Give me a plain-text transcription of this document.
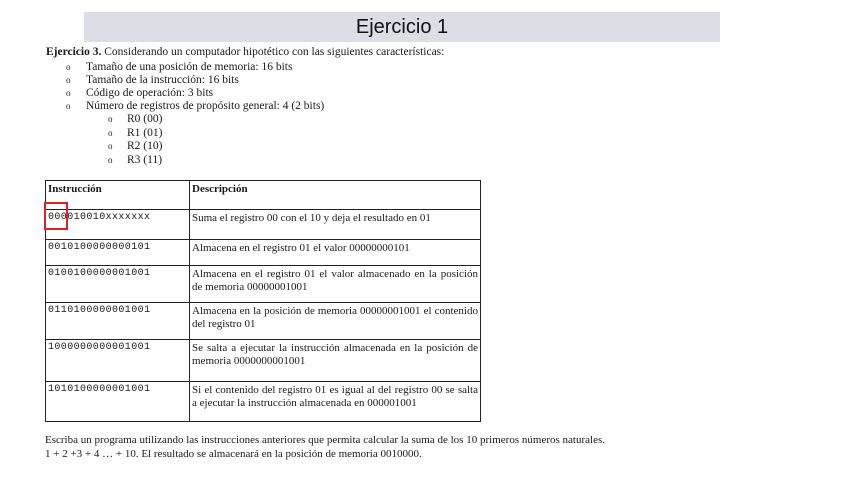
Ejercicio 1
Ejercicio 3. Considerando un computador hipotético con las siguientes características:
o Tamaño de una posición de memoria: 16 bits
o Tamaño de la instrucción: 16 bits
o Código de operación: 3 bits
o Número de registros de propósito general: 4 (2 bits)
o R0 (00)
o R1 (01)
o R2 (10)
o R3 (11)
Instrucción	Descripción
000010010xxxxxxx	Suma el registro 00 con el 10 y deja el resultado en 01
0010100000000101	Almacena en el registro 01 el valor 00000000101
0100100000001001	Almacena en el registro 01 el valor almacenado en la posición de memoria 00000001001
0110100000001001	Almacena en la posición de memoria 00000001001 el contenido del registro 01
1000000000001001	Se salta a ejecutar la instrucción almacenada en la posición de memoria 0000000001001
1010100000001001	Si el contenido del registro 01 es igual al del registro 00 se salta a ejecutar la instrucción almacenada en 000001001
Escriba un programa utilizando las instrucciones anteriores que permita calcular la suma de los 10 primeros números naturales. 1 + 2 +3 + 4 … + 10. El resultado se almacenará en la posición de memoria 0010000.
